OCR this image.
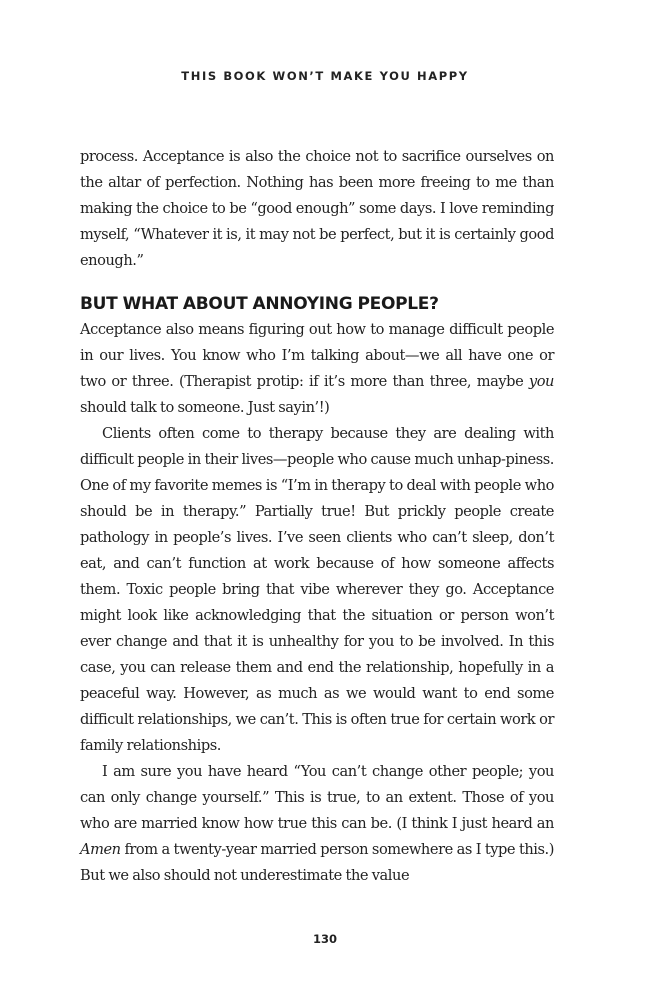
THIS BOOK WON’T MAKE YOU HAPPY

process. Acceptance is also the choice not to sacrifice ourselves on the altar of perfection. Nothing has been more freeing to me than making the choice to be “good enough” some days. I love reminding myself, “Whatever it is, it may not be perfect, but it is certainly good enough.”

BUT WHAT ABOUT ANNOYING PEOPLE?

Acceptance also means figuring out how to manage difficult people in our lives. You know who I’m talking about—we all have one or two or three. (Therapist protip: if it’s more than three, maybe you should talk to someone. Just sayin’!)

Clients often come to therapy because they are dealing with difficult people in their lives—people who cause much unhap-piness. One of my favorite memes is “I’m in therapy to deal with people who should be in therapy.” Partially true! But prickly people create pathology in people’s lives. I’ve seen clients who can’t sleep, don’t eat, and can’t function at work because of how someone affects them. Toxic people bring that vibe wherever they go. Acceptance might look like acknowledging that the situation or person won’t ever change and that it is unhealthy for you to be involved. In this case, you can release them and end the relationship, hopefully in a peaceful way. However, as much as we would want to end some difficult relationships, we can’t. This is often true for certain work or family relationships.

I am sure you have heard “You can’t change other people; you can only change yourself.” This is true, to an extent. Those of you who are married know how true this can be. (I think I just heard an Amen from a twenty-year married person somewhere as I type this.) But we also should not underestimate the value

130
